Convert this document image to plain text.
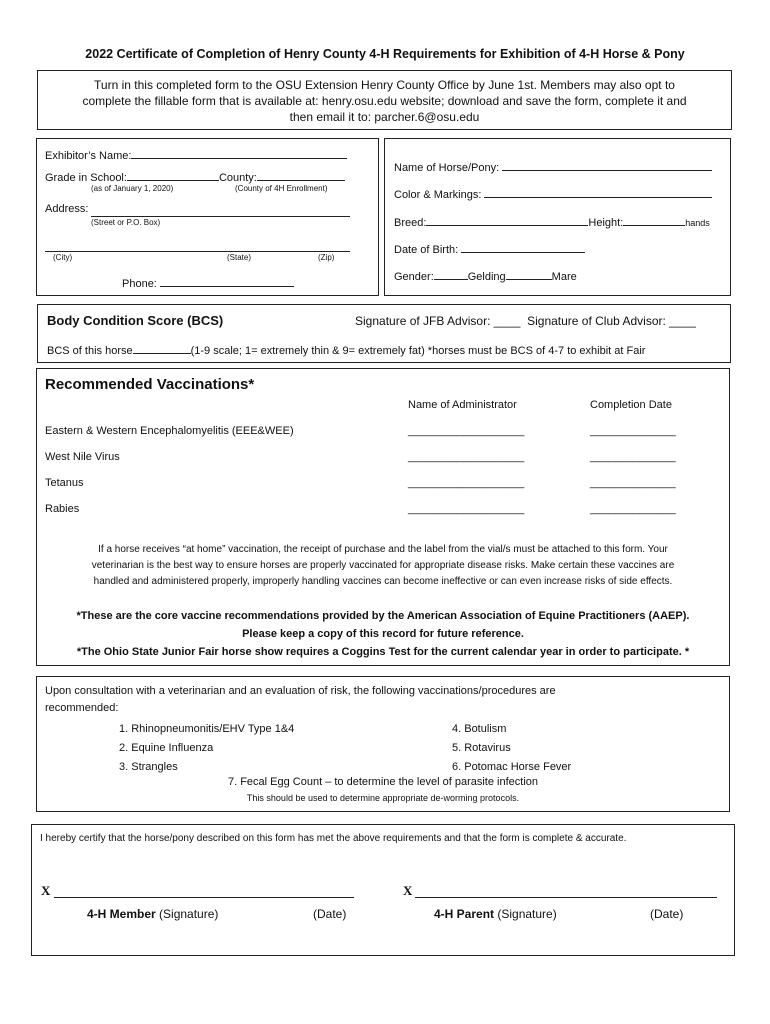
2022 Certificate of Completion of Henry County 4-H Requirements for Exhibition of 4-H Horse & Pony
Turn in this completed form to the OSU Extension Henry County Office by June 1st. Members may also opt to
complete the fillable form that is available at: henry.osu.edu website; download and save the form, complete it and
then email it to: parcher.6@osu.edu
Exhibitor’s Name:
Grade in School:	County:
(as of January 1, 2020)	(County of 4H Enrollment)
Address:
(Street or P.O. Box)
(City)	(State)	(Zip)
Phone:
Name of Horse/Pony:
Color & Markings:
Breed:	Height:	hands
Date of Birth:
Gender:	Gelding	Mare
Body Condition Score (BCS)	Signature of JFB Advisor: ____  Signature of Club Advisor: ____
BCS of this horse	(1-9 scale; 1= extremely thin & 9= extremely fat) *horses must be BCS of 4-7 to exhibit at Fair
Recommended Vaccinations*
Name of Administrator	Completion Date
Eastern & Western Encephalomyelitis (EEE&WEE)	___________________	______________
West Nile Virus	___________________	______________
Tetanus	___________________	______________
Rabies	___________________	______________
If a horse receives “at home” vaccination, the receipt of purchase and the label from the vial/s must be attached to this form. Your
veterinarian is the best way to ensure horses are properly vaccinated for appropriate disease risks. Make certain these vaccines are
handled and administered properly, improperly handling vaccines can become ineffective or can even increase risks of side effects.
*These are the core vaccine recommendations provided by the American Association of Equine Practitioners (AAEP).
Please keep a copy of this record for future reference.
*The Ohio State Junior Fair horse show requires a Coggins Test for the current calendar year in order to participate. *
Upon consultation with a veterinarian and an evaluation of risk, the following vaccinations/procedures are
recommended:
1. Rhinopneumonitis/EHV Type 1&4
2. Equine Influenza
3. Strangles
4. Botulism
5. Rotavirus
6. Potomac Horse Fever
7. Fecal Egg Count – to determine the level of parasite infection
This should be used to determine appropriate de-worming protocols.
I hereby certify that the horse/pony described on this form has met the above requirements and that the form is complete & accurate.
X	X
4-H Member (Signature)	(Date)	4-H Parent (Signature)	(Date)
